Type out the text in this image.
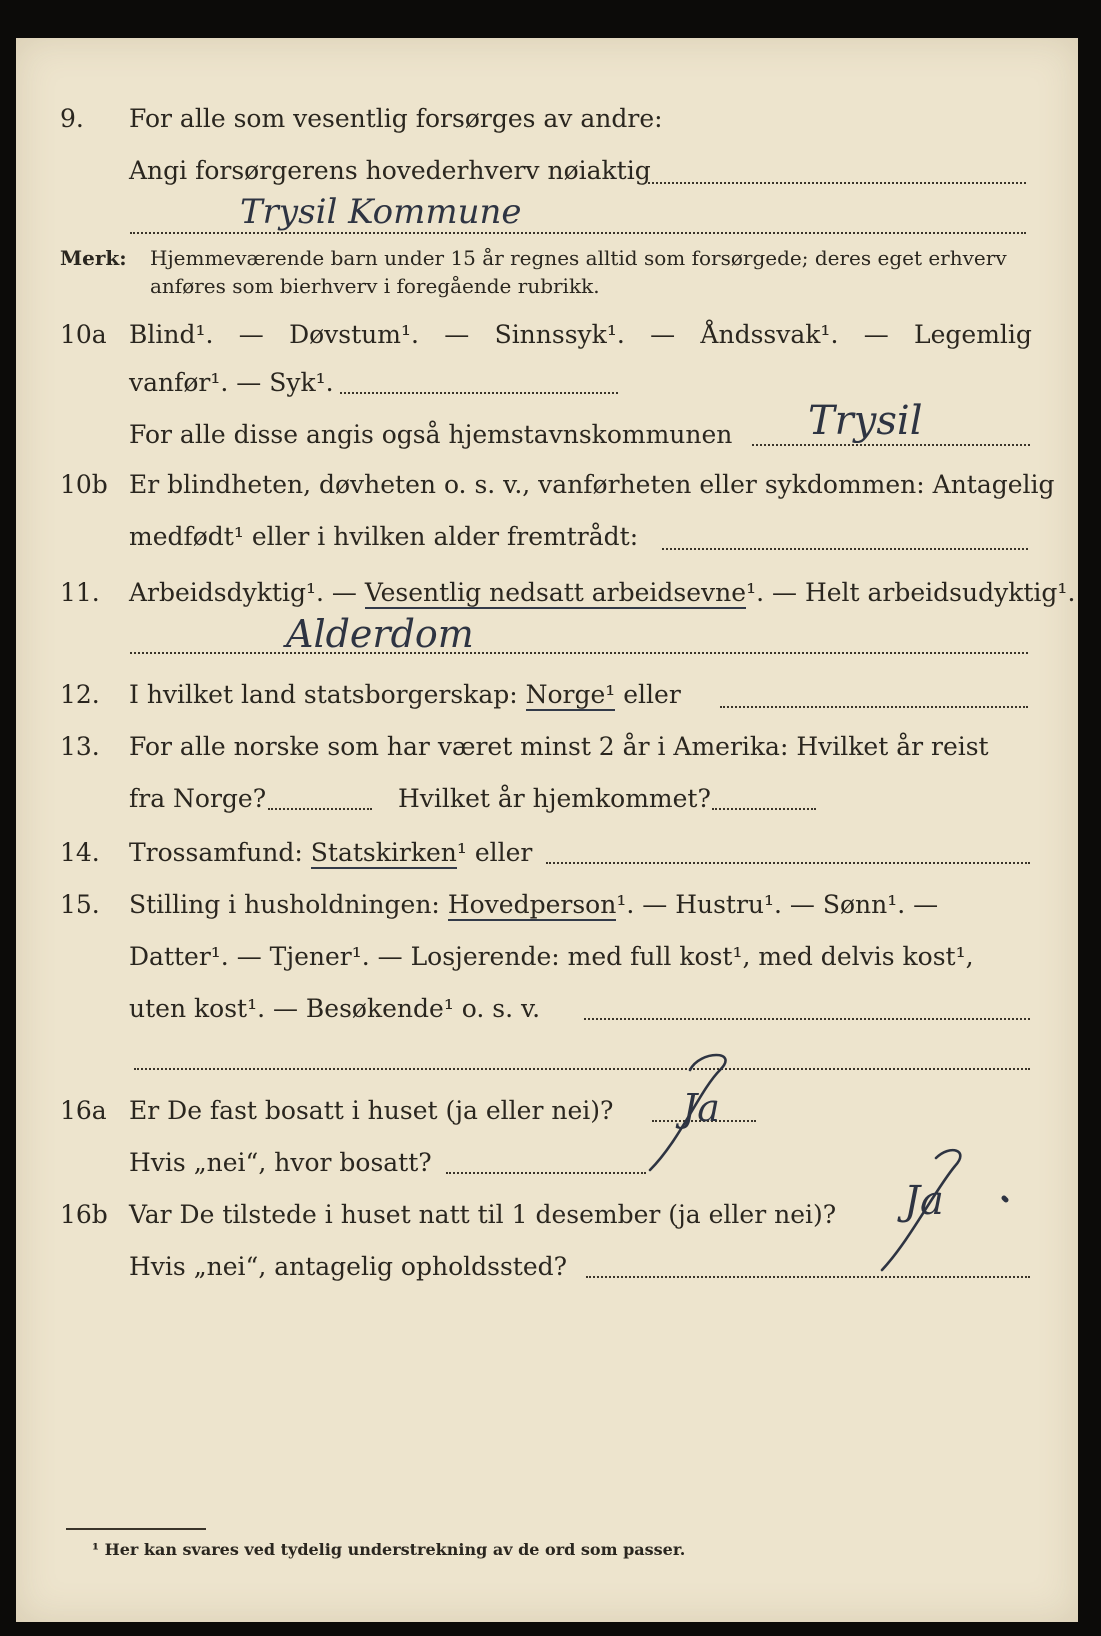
9. For alle som vesentlig forsørges av andre:
Angi forsørgerens hovederhverv nøiaktig
Trysil Kommune
Merk: Hjemmeværende barn under 15 år regnes alltid som forsørgede; deres eget erhverv
anføres som bierhverv i foregående rubrikk.
10a Blind¹. — Døvstum¹. — Sinnssyk¹. — Åndssvak¹. — Legemlig
vanfør¹. — Syk¹.
For alle disse angis også hjemstavnskommunen Trysil
10b Er blindheten, døvheten o. s. v., vanførheten eller sykdommen: Antagelig
medfødt¹ eller i hvilken alder fremtrådt:
11. Arbeidsdyktig¹. — Vesentlig nedsatt arbeidsevne¹. — Helt arbeidsudyktig¹.
Alderdom
12. I hvilket land statsborgerskap: Norge¹ eller
13. For alle norske som har været minst 2 år i Amerika: Hvilket år reist
fra Norge?	Hvilket år hjemkommet?
14. Trossamfund: Statskirken¹ eller
15. Stilling i husholdningen: Hovedperson¹. — Hustru¹. — Sønn¹. —
Datter¹. — Tjener¹. — Losjerende: med full kost¹, med delvis kost¹,
uten kost¹. — Besøkende¹ o. s. v.
16a Er De fast bosatt i huset (ja eller nei)? Ja
Hvis „nei“, hvor bosatt?
16b Var De tilstede i huset natt til 1 desember (ja eller nei)? Ja
Hvis „nei“, antagelig opholdssted?
¹ Her kan svares ved tydelig understrekning av de ord som passer.
